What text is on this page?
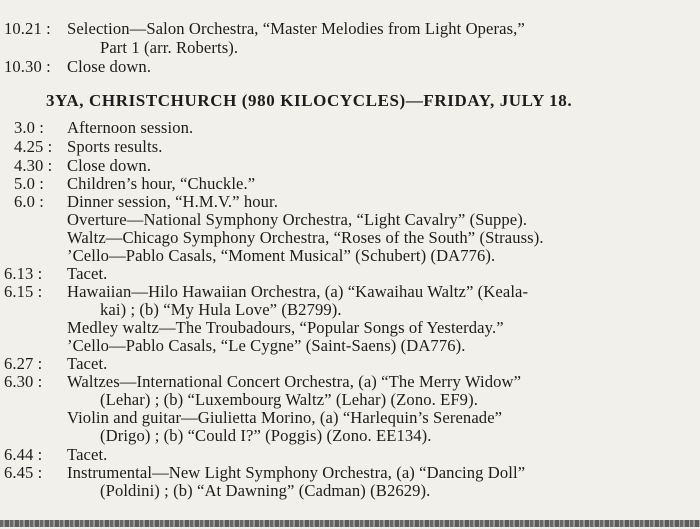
10.21 : Selection—Salon Orchestra, “Master Melodies from Light Operas,”
Part 1 (arr. Roberts).
10.30 : Close down.
3YA, CHRISTCHURCH (980 KILOCYCLES)—FRIDAY, JULY 18.
3.0 :	Afternoon session.
4.25 : Sports results.
4.30 : Close down.
5.0 :	Children’s hour, “Chuckle.”
6.0 :	Dinner session, “H.M.V.” hour.
Overture—National Symphony Orchestra, “Light Cavalry” (Suppe).
Waltz—Chicago Symphony Orchestra, “Roses of the South” (Strauss).
’Cello—Pablo Casals, “Moment Musical” (Schubert) (DA776).
6.13 :	Tacet.
6.15 :	Hawaiian—Hilo Hawaiian Orchestra, (a) “Kawaihau Waltz” (Keala-
kai) ; (b) “My Hula Love” (B2799).
Medley waltz—The Troubadours, “Popular Songs of Yesterday.”
’Cello—Pablo Casals, “Le Cygne” (Saint-Saens) (DA776).
6.27 :	Tacet.
6.30 :	Waltzes—International Concert Orchestra, (a) “The Merry Widow”
(Lehar) ; (b) “Luxembourg Waltz” (Lehar) (Zono. EF9).
Violin and guitar—Giulietta Morino, (a) “Harlequin’s Serenade”
(Drigo) ; (b) “Could I?” (Poggis) (Zono. EE134).
6.44 :	Tacet.
6.45 :	Instrumental—New Light Symphony Orchestra, (a) “Dancing Doll”
(Poldini) ; (b) “At Dawning” (Cadman) (B2629).
